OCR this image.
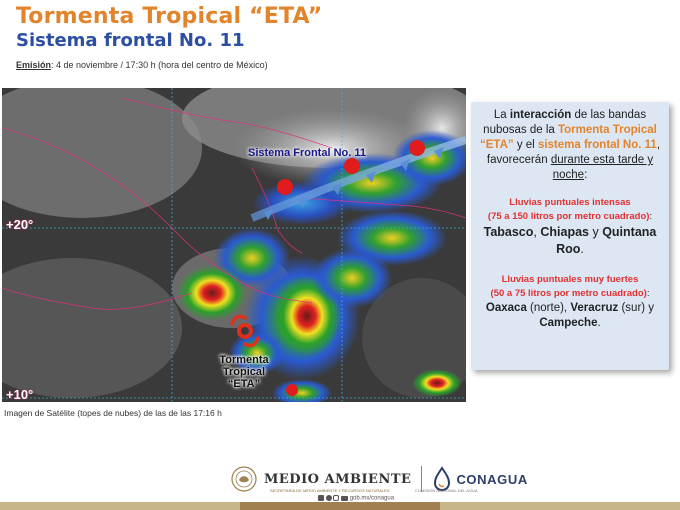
Tormenta Tropical “ETA”
Sistema frontal No. 11
Emisión: 4 de noviembre / 17:30 h (hora del centro de México)
Sistema Frontal No. 11
Tormenta
Tropical
“ETA”
+20°
+10°

La interacción de las bandas nubosas de la Tormenta Tropical “ETA” y el sistema frontal No. 11, favorecerán durante esta tarde y noche:

Lluvias puntuales intensas
(75 a 150 litros por metro cuadrado):

Tabasco, Chiapas y Quintana Roo.

Lluvias puntuales muy fuertes
(50 a 75 litros por metro cuadrado):

Oaxaca (norte), Veracruz (sur) y Campeche.

Imagen de Satélite (topes de nubes) de las de las 17:16 h
MEDIO AMBIENTE	CONAGUA
SECRETARÍA DE MEDIO AMBIENTE Y RECURSOS NATURALES	COMISIÓN NACIONAL DEL AGUA
gob.mx/conagua
